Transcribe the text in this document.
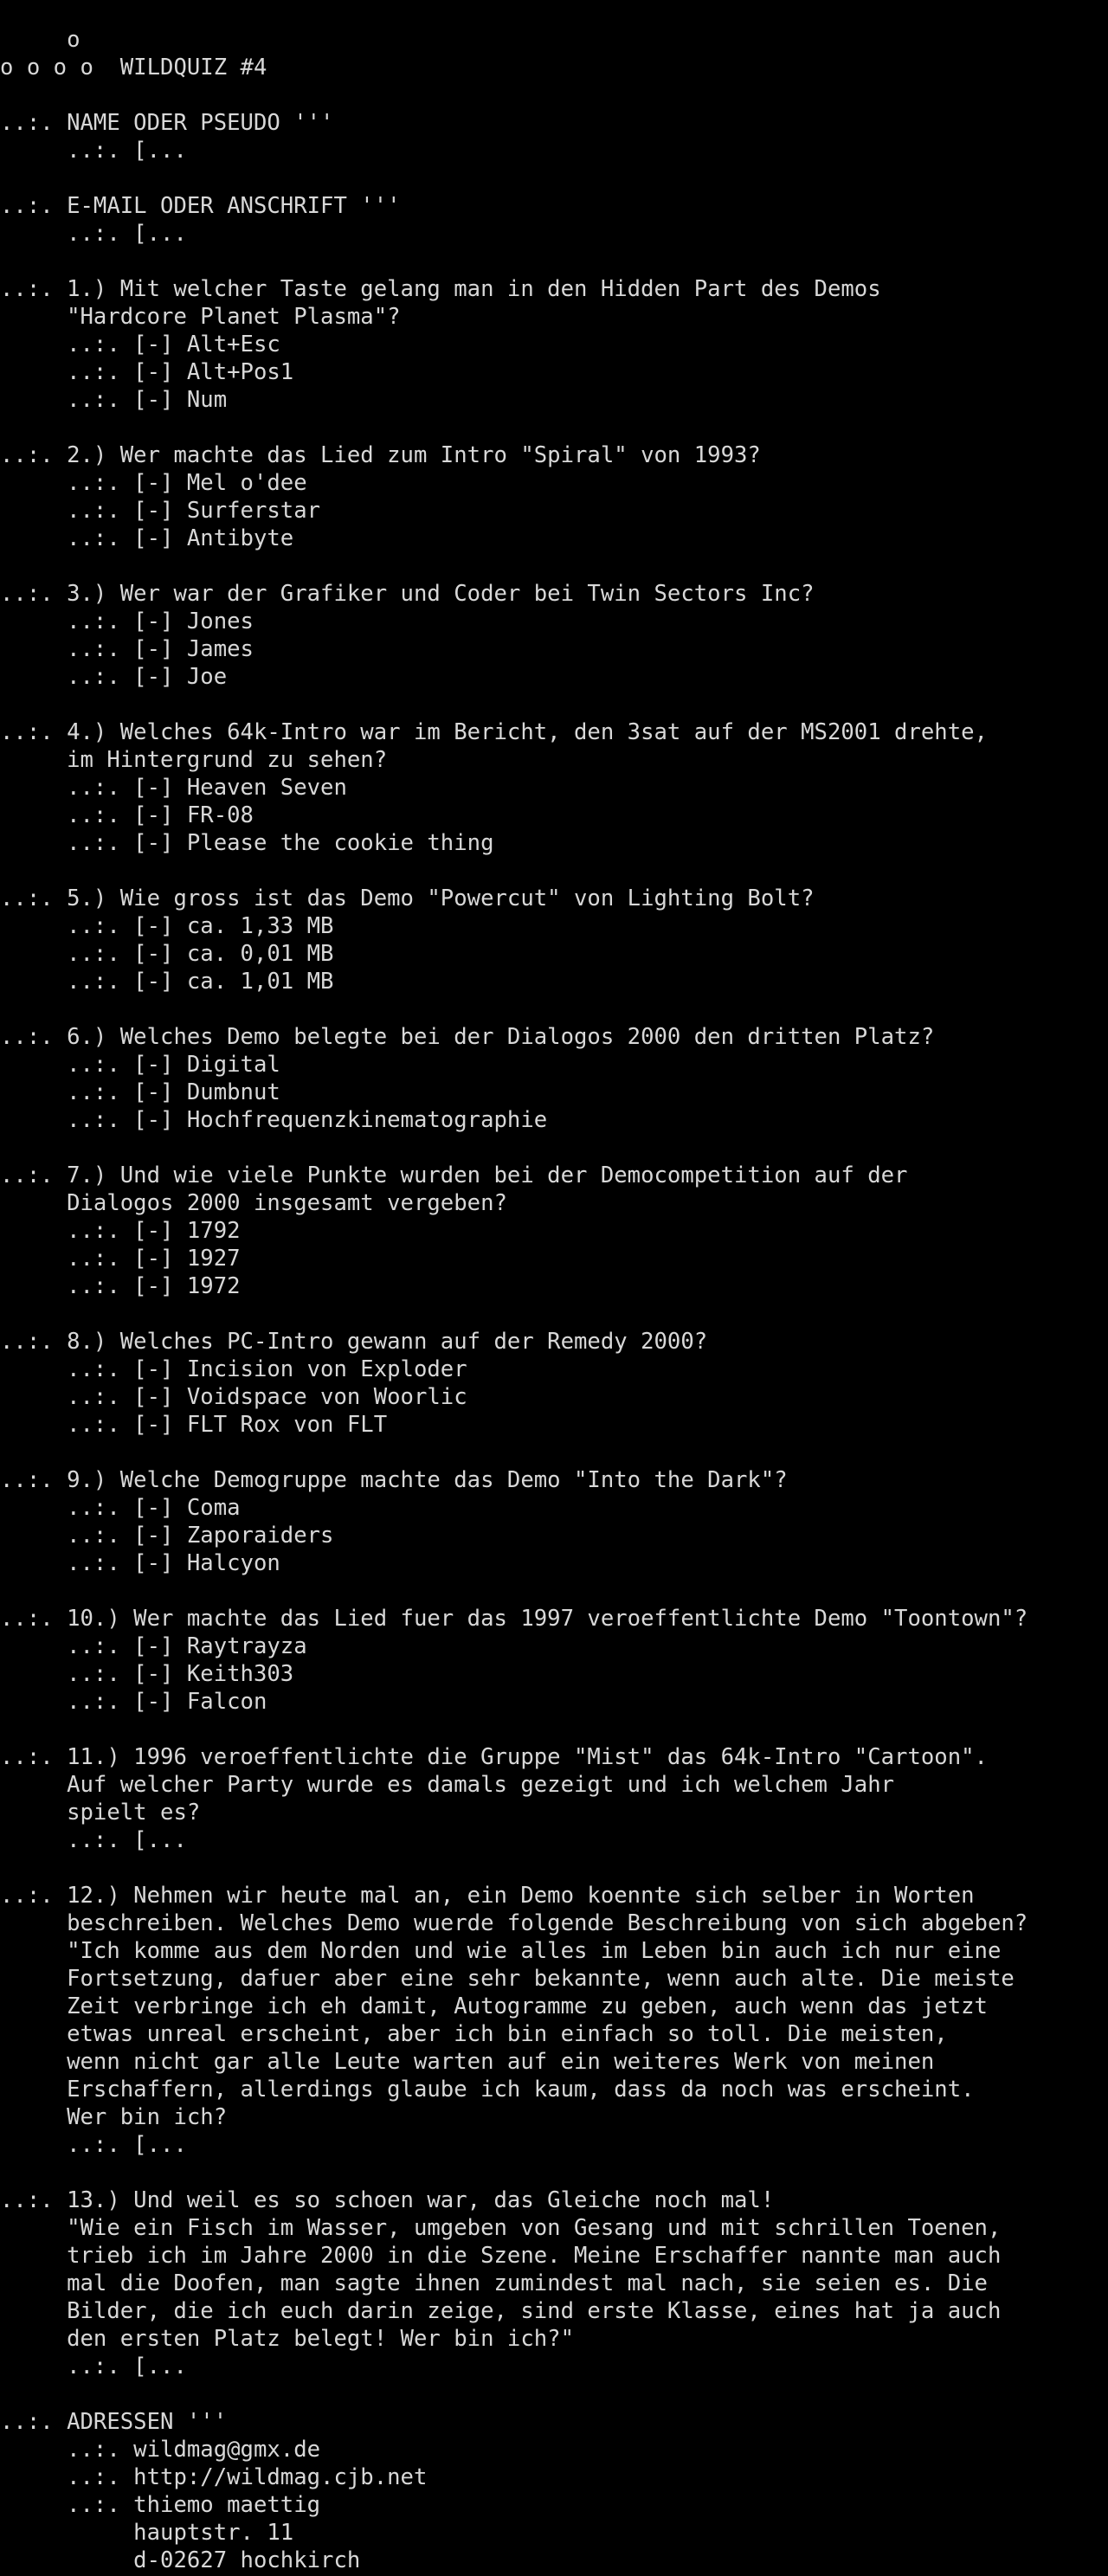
o
o o o o  WILDQUIZ #4
..:. NAME ODER PSEUDO '''
..:. [...
..:. E-MAIL ODER ANSCHRIFT '''
..:. [...
..:. 1.) Mit welcher Taste gelang man in den Hidden Part des Demos
"Hardcore Planet Plasma"?
..:. [-] Alt+Esc
..:. [-] Alt+Pos1
..:. [-] Num
..:. 2.) Wer machte das Lied zum Intro "Spiral" von 1993?
..:. [-] Mel o'dee
..:. [-] Surferstar
..:. [-] Antibyte
..:. 3.) Wer war der Grafiker und Coder bei Twin Sectors Inc?
..:. [-] Jones
..:. [-] James
..:. [-] Joe
..:. 4.) Welches 64k-Intro war im Bericht, den 3sat auf der MS2001 drehte,
im Hintergrund zu sehen?
..:. [-] Heaven Seven
..:. [-] FR-08
..:. [-] Please the cookie thing
..:. 5.) Wie gross ist das Demo "Powercut" von Lighting Bolt?
..:. [-] ca. 1,33 MB
..:. [-] ca. 0,01 MB
..:. [-] ca. 1,01 MB
..:. 6.) Welches Demo belegte bei der Dialogos 2000 den dritten Platz?
..:. [-] Digital
..:. [-] Dumbnut
..:. [-] Hochfrequenzkinematographie
..:. 7.) Und wie viele Punkte wurden bei der Democompetition auf der
Dialogos 2000 insgesamt vergeben?
..:. [-] 1792
..:. [-] 1927
..:. [-] 1972
..:. 8.) Welches PC-Intro gewann auf der Remedy 2000?
..:. [-] Incision von Exploder
..:. [-] Voidspace von Woorlic
..:. [-] FLT Rox von FLT
..:. 9.) Welche Demogruppe machte das Demo "Into the Dark"?
..:. [-] Coma
..:. [-] Zaporaiders
..:. [-] Halcyon
..:. 10.) Wer machte das Lied fuer das 1997 veroeffentlichte Demo "Toontown"?
..:. [-] Raytrayza
..:. [-] Keith303
..:. [-] Falcon
..:. 11.) 1996 veroeffentlichte die Gruppe "Mist" das 64k-Intro "Cartoon".
Auf welcher Party wurde es damals gezeigt und ich welchem Jahr
spielt es?
..:. [...
..:. 12.) Nehmen wir heute mal an, ein Demo koennte sich selber in Worten
beschreiben. Welches Demo wuerde folgende Beschreibung von sich abgeben?
"Ich komme aus dem Norden und wie alles im Leben bin auch ich nur eine
Fortsetzung, dafuer aber eine sehr bekannte, wenn auch alte. Die meiste
Zeit verbringe ich eh damit, Autogramme zu geben, auch wenn das jetzt
etwas unreal erscheint, aber ich bin einfach so toll. Die meisten,
wenn nicht gar alle Leute warten auf ein weiteres Werk von meinen
Erschaffern, allerdings glaube ich kaum, dass da noch was erscheint.
Wer bin ich?
..:. [...
..:. 13.) Und weil es so schoen war, das Gleiche noch mal!
"Wie ein Fisch im Wasser, umgeben von Gesang und mit schrillen Toenen,
trieb ich im Jahre 2000 in die Szene. Meine Erschaffer nannte man auch
mal die Doofen, man sagte ihnen zumindest mal nach, sie seien es. Die
Bilder, die ich euch darin zeige, sind erste Klasse, eines hat ja auch
den ersten Platz belegt! Wer bin ich?"
..:. [...
..:. ADRESSEN '''
..:. wildmag@gmx.de
..:. http://wildmag.cjb.net
..:. thiemo maettig
hauptstr. 11
d-02627 hochkirch
